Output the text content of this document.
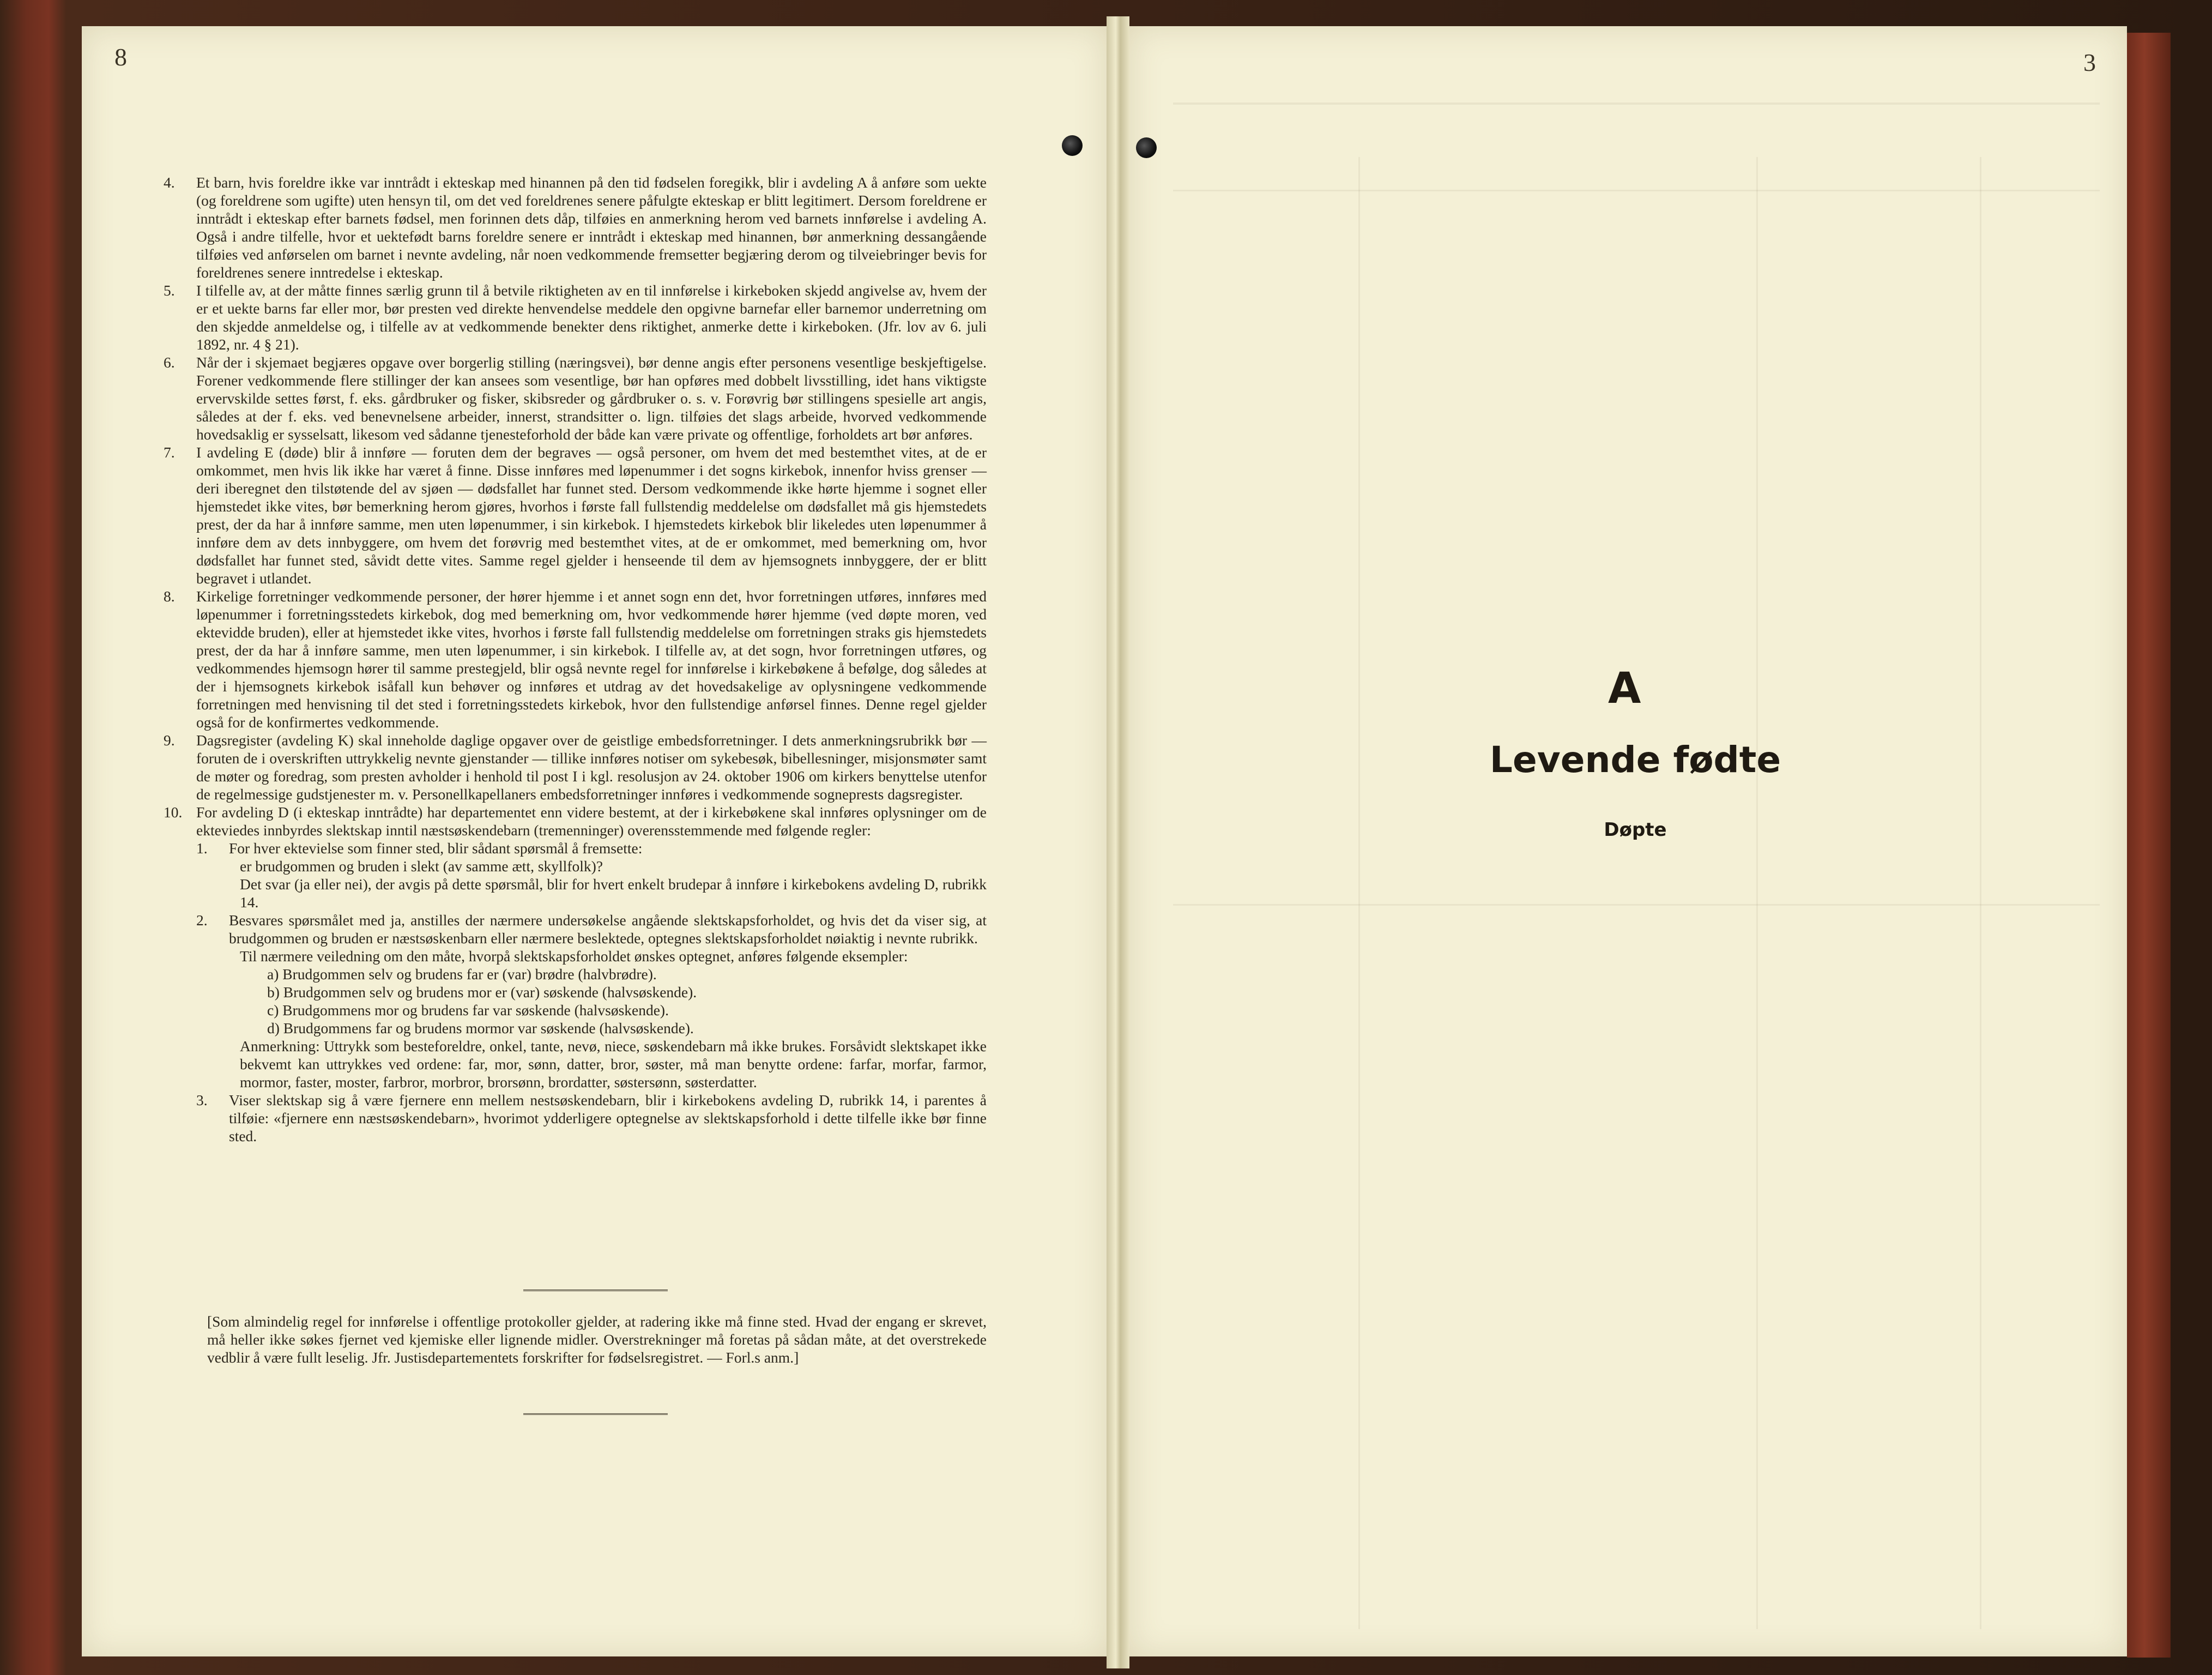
8	3
4.	Et barn, hvis foreldre ikke var inntrådt i ekteskap med hinannen på den tid fødselen foregikk, blir i avdeling A å anføre som uekte (og foreldrene som ugifte) uten hensyn til, om det ved foreldrenes senere påfulgte ekteskap er blitt legitimert. Dersom foreldrene er inntrådt i ekteskap efter barnets fødsel, men forinnen dets dåp, tilføies en anmerkning herom ved barnets innførelse i avdeling A. Også i andre tilfelle, hvor et uektefødt barns foreldre senere er inntrådt i ekteskap med hinannen, bør anmerkning dessangående tilføies ved anførselen om barnet i nevnte avdeling, når noen vedkommende fremsetter begjæring derom og tilveiebringer bevis for foreldrenes senere inntredelse i ekteskap.
5.	I tilfelle av, at der måtte finnes særlig grunn til å betvile riktigheten av en til innførelse i kirkeboken skjedd angivelse av, hvem der er et uekte barns far eller mor, bør presten ved direkte henvendelse meddele den opgivne barnefar eller barnemor underretning om den skjedde anmeldelse og, i tilfelle av at vedkommende benekter dens riktighet, anmerke dette i kirkeboken. (Jfr. lov av 6. juli 1892, nr. 4 § 21).
6.	Når der i skjemaet begjæres opgave over borgerlig stilling (næringsvei), bør denne angis efter personens vesentlige beskjeftigelse. Forener vedkommende flere stillinger der kan ansees som vesentlige, bør han opføres med dobbelt livsstilling, idet hans viktigste ervervskilde settes først, f. eks. gårdbruker og fisker, skibsreder og gårdbruker o. s. v. Forøvrig bør stillingens spesielle art angis, således at der f. eks. ved benevnelsene arbeider, innerst, strandsitter o. lign. tilføies det slags arbeide, hvorved vedkommende hovedsaklig er sysselsatt, likesom ved sådanne tjenesteforhold der både kan være private og offentlige, forholdets art bør anføres.
7.	I avdeling E (døde) blir å innføre — foruten dem der begraves — også personer, om hvem det med bestemthet vites, at de er omkommet, men hvis lik ikke har været å finne. Disse innføres med løpenummer i det sogns kirkebok, innenfor hviss grenser — deri iberegnet den tilstøtende del av sjøen — dødsfallet har funnet sted. Dersom vedkommende ikke hørte hjemme i sognet eller hjemstedet ikke vites, bør bemerkning herom gjøres, hvorhos i første fall fullstendig meddelelse om dødsfallet må gis hjemstedets prest, der da har å innføre samme, men uten løpenummer, i sin kirkebok. I hjemstedets kirkebok blir likeledes uten løpenummer å innføre dem av dets innbyggere, om hvem det forøvrig med bestemthet vites, at de er omkommet, med bemerkning om, hvor dødsfallet har funnet sted, såvidt dette vites. Samme regel gjelder i henseende til dem av hjemsognets innbyggere, der er blitt begravet i utlandet.
8.	Kirkelige forretninger vedkommende personer, der hører hjemme i et annet sogn enn det, hvor forretningen utføres, innføres med løpenummer i forretningsstedets kirkebok, dog med bemerkning om, hvor vedkommende hører hjemme (ved døpte moren, ved ektevidde bruden), eller at hjemstedet ikke vites, hvorhos i første fall fullstendig meddelelse om forretningen straks gis hjemstedets prest, der da har å innføre samme, men uten løpenummer, i sin kirkebok. I tilfelle av, at det sogn, hvor forretningen utføres, og vedkommendes hjemsogn hører til samme prestegjeld, blir også nevnte regel for innførelse i kirkebøkene å befølge, dog således at der i hjemsognets kirkebok isåfall kun behøver og innføres et utdrag av det hovedsakelige av oplysningene vedkommende forretningen med henvisning til det sted i forretningsstedets kirkebok, hvor den fullstendige anførsel finnes. Denne regel gjelder også for de konfirmertes vedkommende.
9.	Dagsregister (avdeling K) skal inneholde daglige opgaver over de geistlige embedsforretninger. I dets anmerkningsrubrikk bør — foruten de i overskriften uttrykkelig nevnte gjenstander — tillike innføres notiser om sykebesøk, bibellesninger, misjonsmøter samt de møter og foredrag, som presten avholder i henhold til post I i kgl. resolusjon av 24. oktober 1906 om kirkers benyttelse utenfor de regelmessige gudstjenester m. v. Personellkapellaners embedsforretninger innføres i vedkommende sogneprests dagsregister.
10. For avdeling D (i ekteskap inntrådte) har departementet enn videre bestemt, at der i kirkebøkene skal innføres oplysninger om de ekteviedes innbyrdes slektskap inntil næstsøskendebarn (tremenninger) overensstemmende med følgende regler:
1.	For hver ektevielse som finner sted, blir sådant spørsmål å fremsette:
er brudgommen og bruden i slekt (av samme ætt, skyllfolk)?
Det svar (ja eller nei), der avgis på dette spørsmål, blir for hvert enkelt brudepar å innføre i kirkebokens avdeling D, rubrikk 14.
2.	Besvares spørsmålet med ja, anstilles der nærmere undersøkelse angående slektskapsforholdet, og hvis det da viser sig, at brudgommen og bruden er næstsøskenbarn eller nærmere beslektede, optegnes slektskapsforholdet nøiaktig i nevnte rubrikk.
Til nærmere veiledning om den måte, hvorpå slektskapsforholdet ønskes optegnet, anføres følgende eksempler:
a) Brudgommen selv og brudens far er (var) brødre (halvbrødre).
b) Brudgommen selv og brudens mor er (var) søskende (halvsøskende).
c) Brudgommens mor og brudens far var søskende (halvsøskende).
d) Brudgommens far og brudens mormor var søskende (halvsøskende).
Anmerkning: Uttrykk som besteforeldre, onkel, tante, nevø, niece, søskendebarn må ikke brukes. Forsåvidt slektskapet ikke bekvemt kan uttrykkes ved ordene: far, mor, sønn, datter, bror, søster, må man benytte ordene: farfar, morfar, farmor, mormor, faster, moster, farbror, morbror, brorsønn, brordatter, søstersønn, søsterdatter.
3.	Viser slektskap sig å være fjernere enn mellem nestsøskendebarn, blir i kirkebokens avdeling D, rubrikk 14, i parentes å tilføie: «fjernere enn næstsøskendebarn», hvorimot ydderligere optegnelse av slektskapsforhold i dette tilfelle ikke bør finne sted.
[Som almindelig regel for innførelse i offentlige protokoller gjelder, at radering ikke må finne sted. Hvad der engang er skrevet, må heller ikke søkes fjernet ved kjemiske eller lignende midler. Overstrekninger må foretas på sådan måte, at det overstrekede vedblir å være fullt leselig. Jfr. Justisdepartementets forskrifter for fødselsregistret. — Forl.s anm.]
A
Levende fødte
Døpte
